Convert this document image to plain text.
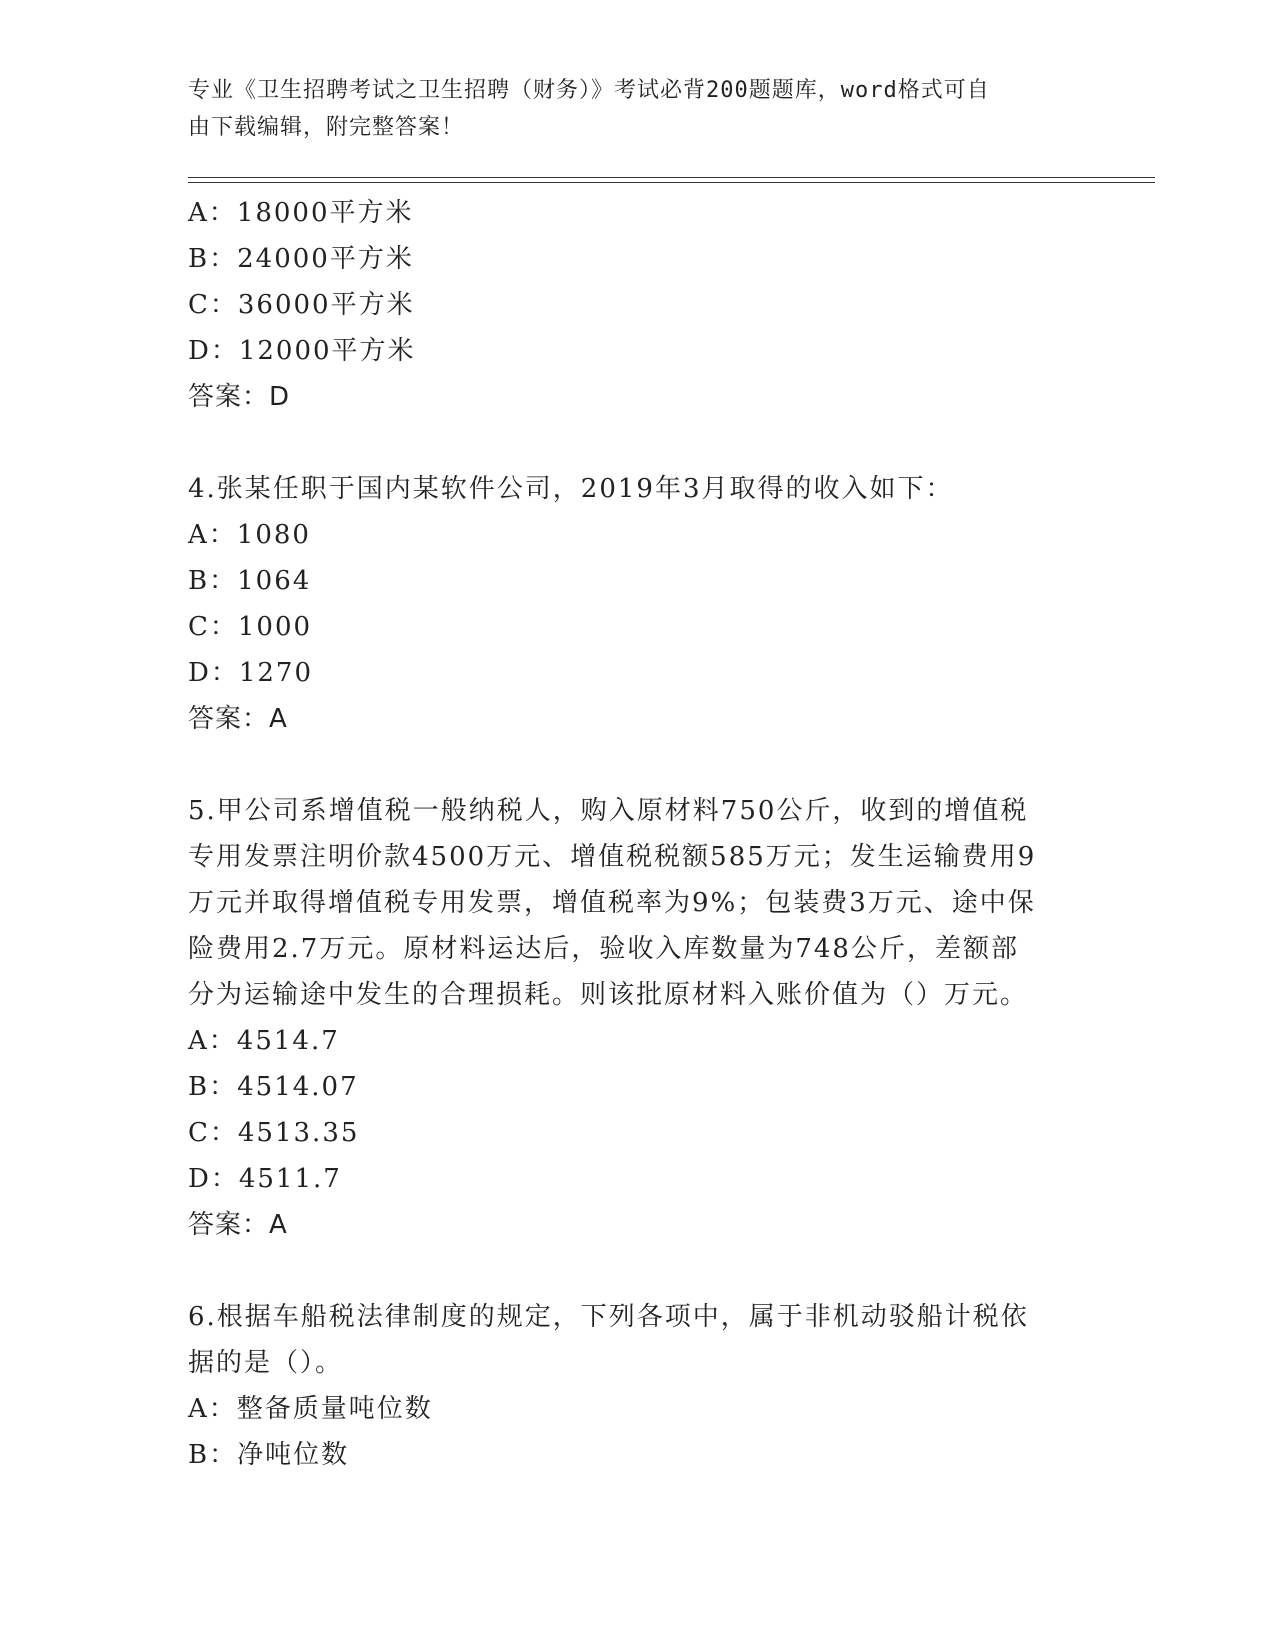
专业《卫生招聘考试之卫生招聘（财务）》考试必背200题题库，word格式可自
由下载编辑，附完整答案！
A：18000平方米
B：24000平方米
C：36000平方米
D：12000平方米
答案：D
4.张某任职于国内某软件公司，2019年3月取得的收入如下：
A：1080
B：1064
C：1000
D：1270
答案：A
5.甲公司系增值税一般纳税人，购入原材料750公斤，收到的增值税
专用发票注明价款4500万元、增值税税额585万元；发生运输费用9
万元并取得增值税专用发票，增值税率为9%；包装费3万元、途中保
险费用2.7万元。原材料运达后，验收入库数量为748公斤，差额部
分为运输途中发生的合理损耗。则该批原材料入账价值为（）万元。
A：4514.7
B：4514.07
C：4513.35
D：4511.7
答案：A
6.根据车船税法律制度的规定，下列各项中，属于非机动驳船计税依
据的是（）。
A：整备质量吨位数
B：净吨位数
